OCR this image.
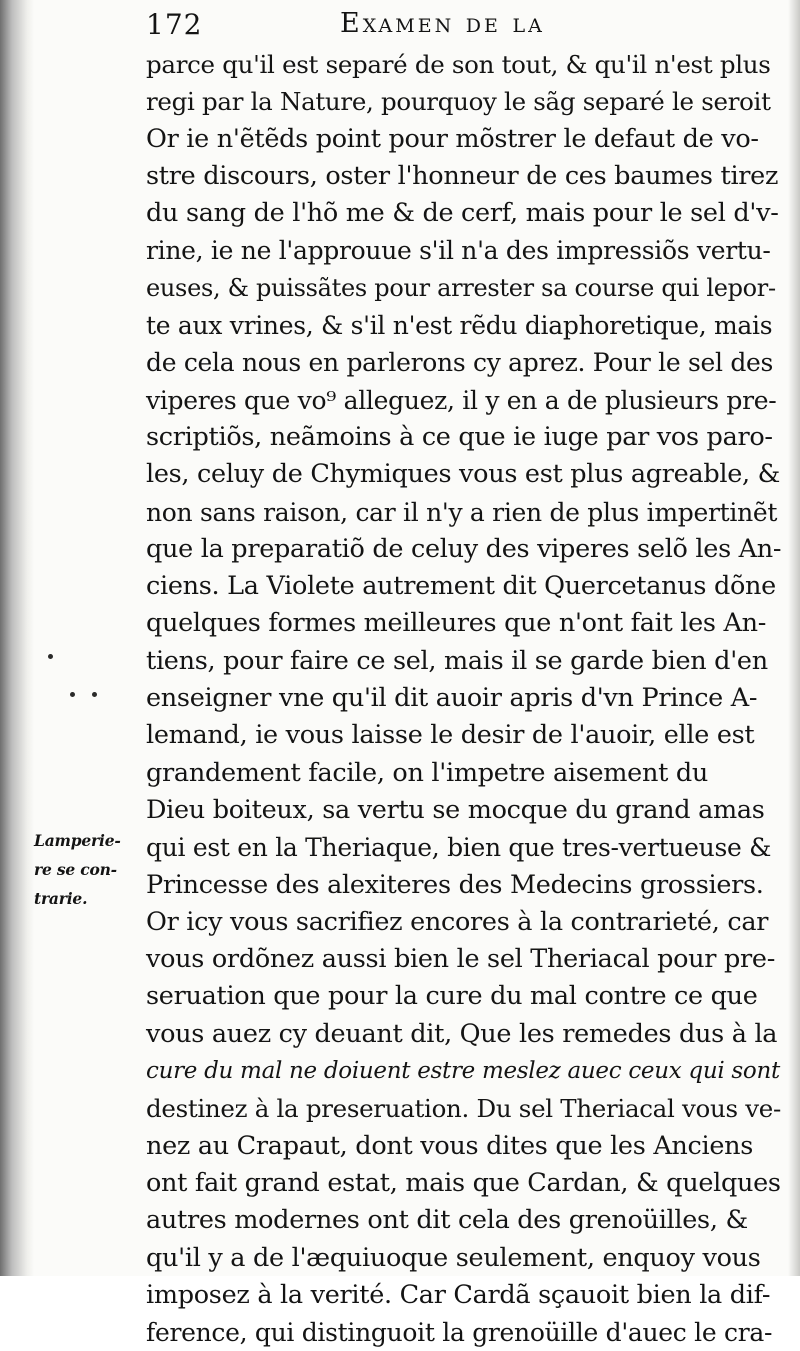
172	Examen de la
Lamperie-
re se con-
trarie.
parce qu'il est separé de son tout, & qu'il n'est plus
regi par la Nature, pourquoy le sãg separé le seroit
Or ie n'ẽtẽds point pour mõstrer le defaut de vo-
stre discours, oster l'honneur de ces baumes tirez
du sang de l'hõ me & de cerf, mais pour le sel d'v-
rine, ie ne l'approuue s'il n'a des impressiõs vertu-
euses, & puissãtes pour arrester sa course qui lepor-
te aux vrines, & s'il n'est rẽdu diaphoretique, mais
de cela nous en parlerons cy aprez. Pour le sel des
viperes que vo⁹ alleguez, il y en a de plusieurs pre-
scriptiõs, neãmoins à ce que ie iuge par vos paro-
les, celuy de Chymiques vous est plus agreable, &
non sans raison, car il n'y a rien de plus impertinẽt
que la preparatiõ de celuy des viperes selõ les An-
ciens. La Violete autrement dit Quercetanus dõne
quelques formes meilleures que n'ont fait les An-
tiens, pour faire ce sel, mais il se garde bien d'en
enseigner vne qu'il dit auoir apris d'vn Prince A-
lemand, ie vous laisse le desir de l'auoir, elle est
grandement facile, on l'impetre aisement du
Dieu boiteux, sa vertu se mocque du grand amas
qui est en la Theriaque, bien que tres-vertueuse &
Princesse des alexiteres des Medecins grossiers.
Or icy vous sacrifiez encores à la contrarieté, car
vous ordõnez aussi bien le sel Theriacal pour pre-
seruation que pour la cure du mal contre ce que
vous auez cy deuant dit, Que les remedes dus à la
cure du mal ne doiuent estre meslez auec ceux qui sont
destinez à la preseruation. Du sel Theriacal vous ve-
nez au Crapaut, dont vous dites que les Anciens
ont fait grand estat, mais que Cardan, & quelques
autres modernes ont dit cela des grenoüilles, &
qu'il y a de l'æquiuoque seulement, enquoy vous
imposez à la verité. Car Cardã sçauoit bien la dif-
ference, qui distinguoit la grenoüille d'auec le cra-
